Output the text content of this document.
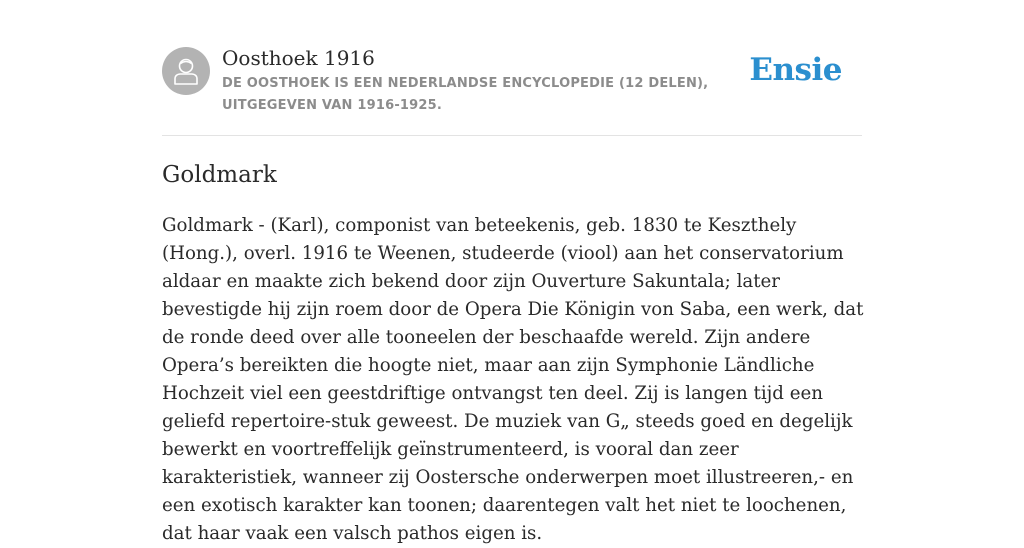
Oosthoek 1916
DE OOSTHOEK IS EEN NEDERLANDSE ENCYCLOPEDIE (12 DELEN), UITGEGEVEN VAN 1916-1925.
Ensie
Goldmark

Goldmark - (Karl), componist van beteekenis, geb. 1830 te Keszthely (Hong.), overl. 1916 te Weenen, studeerde (viool) aan het conservatorium aldaar en maakte zich bekend door zijn Ouverture Sakuntala; later bevestigde hij zijn roem door de Opera Die Königin von Saba, een werk, dat de ronde deed over alle tooneelen der beschaafde wereld. Zijn andere Opera’s bereikten die hoogte niet, maar aan zijn Symphonie Ländliche Hochzeit viel een geestdriftige ontvangst ten deel. Zij is langen tijd een geliefd repertoire-stuk geweest. De muziek van G„ steeds goed en degelijk bewerkt en voortreffelijk geïnstrumenteerd, is vooral dan zeer karakteristiek, wanneer zij Oostersche onderwerpen moet illustreeren,- en een exotisch karakter kan toonen; daarentegen valt het niet te loochenen, dat haar vaak een valsch pathos eigen is.
